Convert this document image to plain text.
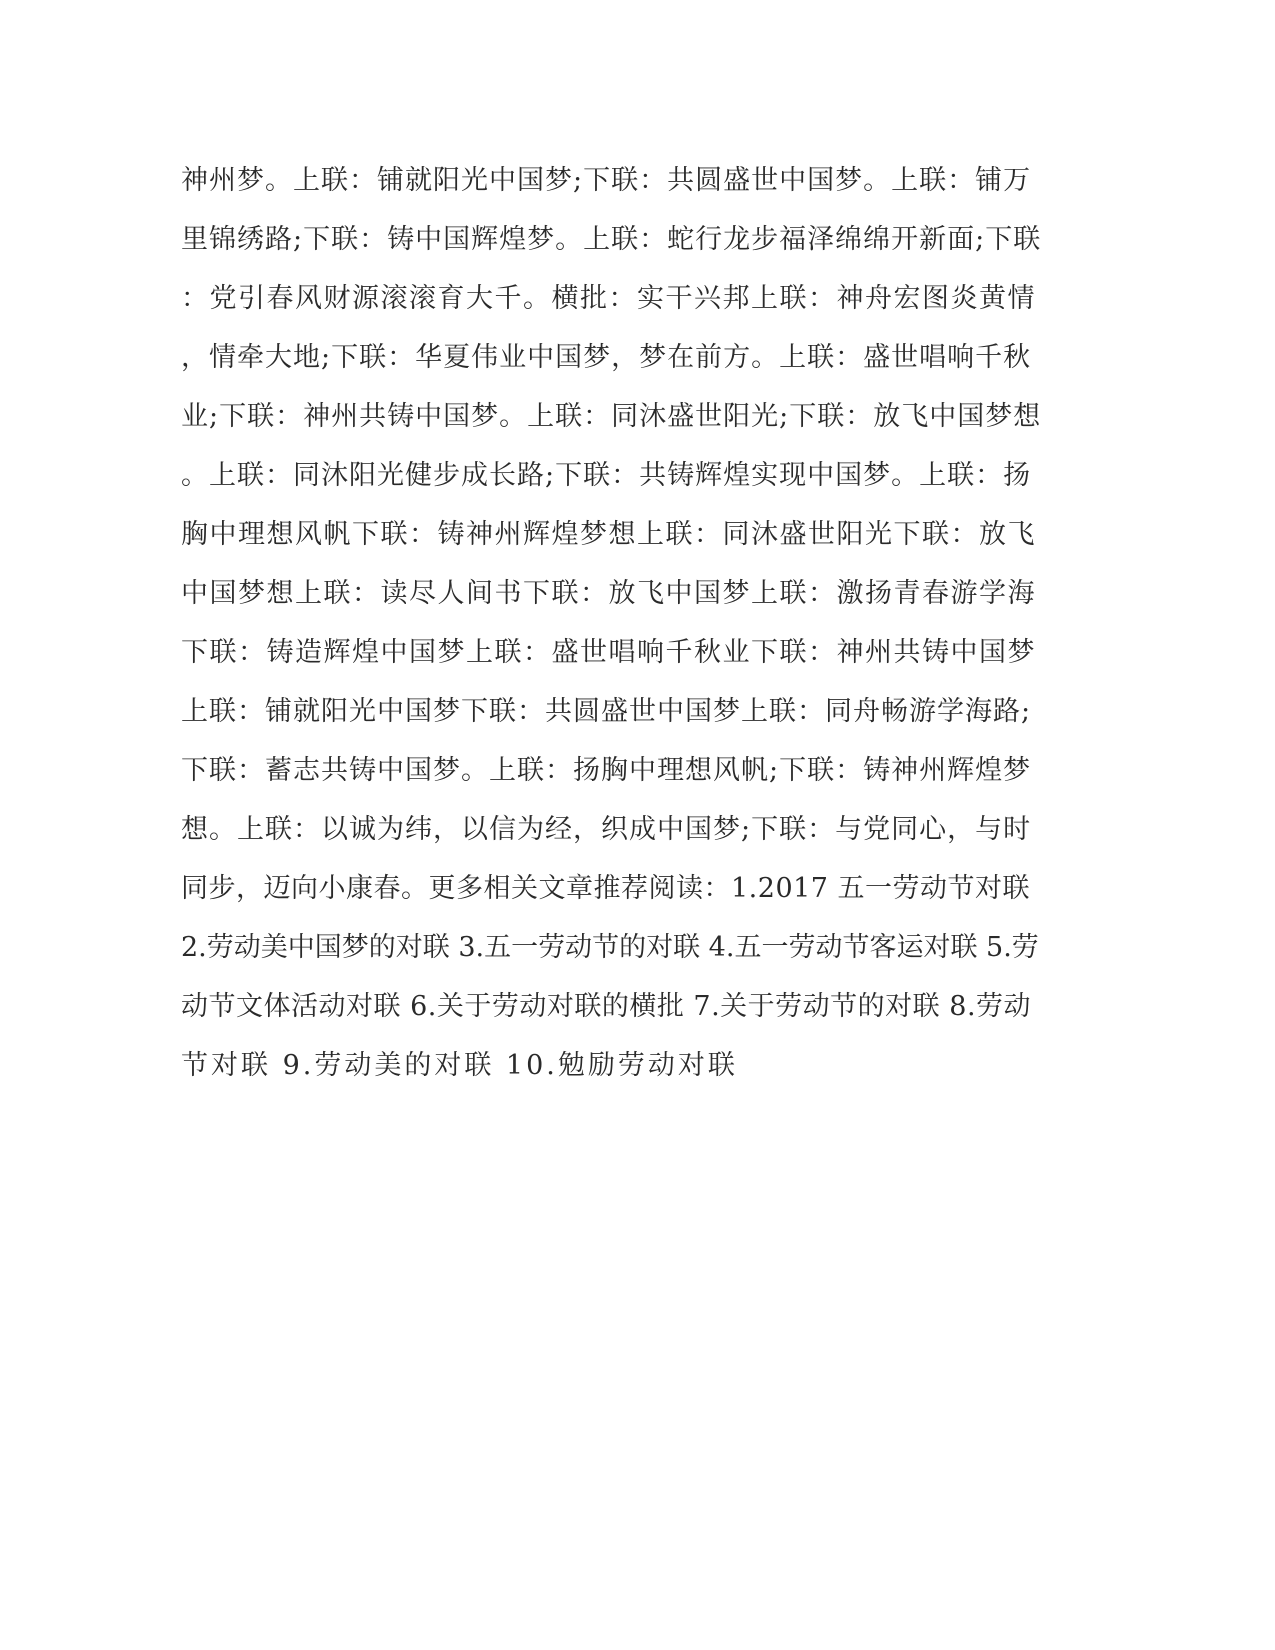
神州梦。上联：铺就阳光中国梦;下联：共圆盛世中国梦。上联：铺万
里锦绣路;下联：铸中国辉煌梦。上联：蛇行龙步福泽绵绵开新面;下联
：党引春风财源滚滚育大千。横批：实干兴邦上联：神舟宏图炎黄情
，情牵大地;下联：华夏伟业中国梦，梦在前方。上联：盛世唱响千秋
业;下联：神州共铸中国梦。上联：同沐盛世阳光;下联：放飞中国梦想
。上联：同沐阳光健步成长路;下联：共铸辉煌实现中国梦。上联：扬
胸中理想风帆下联：铸神州辉煌梦想上联：同沐盛世阳光下联：放飞
中国梦想上联：读尽人间书下联：放飞中国梦上联：激扬青春游学海
下联：铸造辉煌中国梦上联：盛世唱响千秋业下联：神州共铸中国梦
上联：铺就阳光中国梦下联：共圆盛世中国梦上联：同舟畅游学海路;
下联：蓄志共铸中国梦。上联：扬胸中理想风帆;下联：铸神州辉煌梦
想。上联：以诚为纬，以信为经，织成中国梦;下联：与党同心，与时
同步，迈向小康春。更多相关文章推荐阅读：1.2017 五一劳动节对联
2.劳动美中国梦的对联 3.五一劳动节的对联 4.五一劳动节客运对联 5.劳
动节文体活动对联 6.关于劳动对联的横批 7.关于劳动节的对联 8.劳动
节对联 9.劳动美的对联 10.勉励劳动对联
